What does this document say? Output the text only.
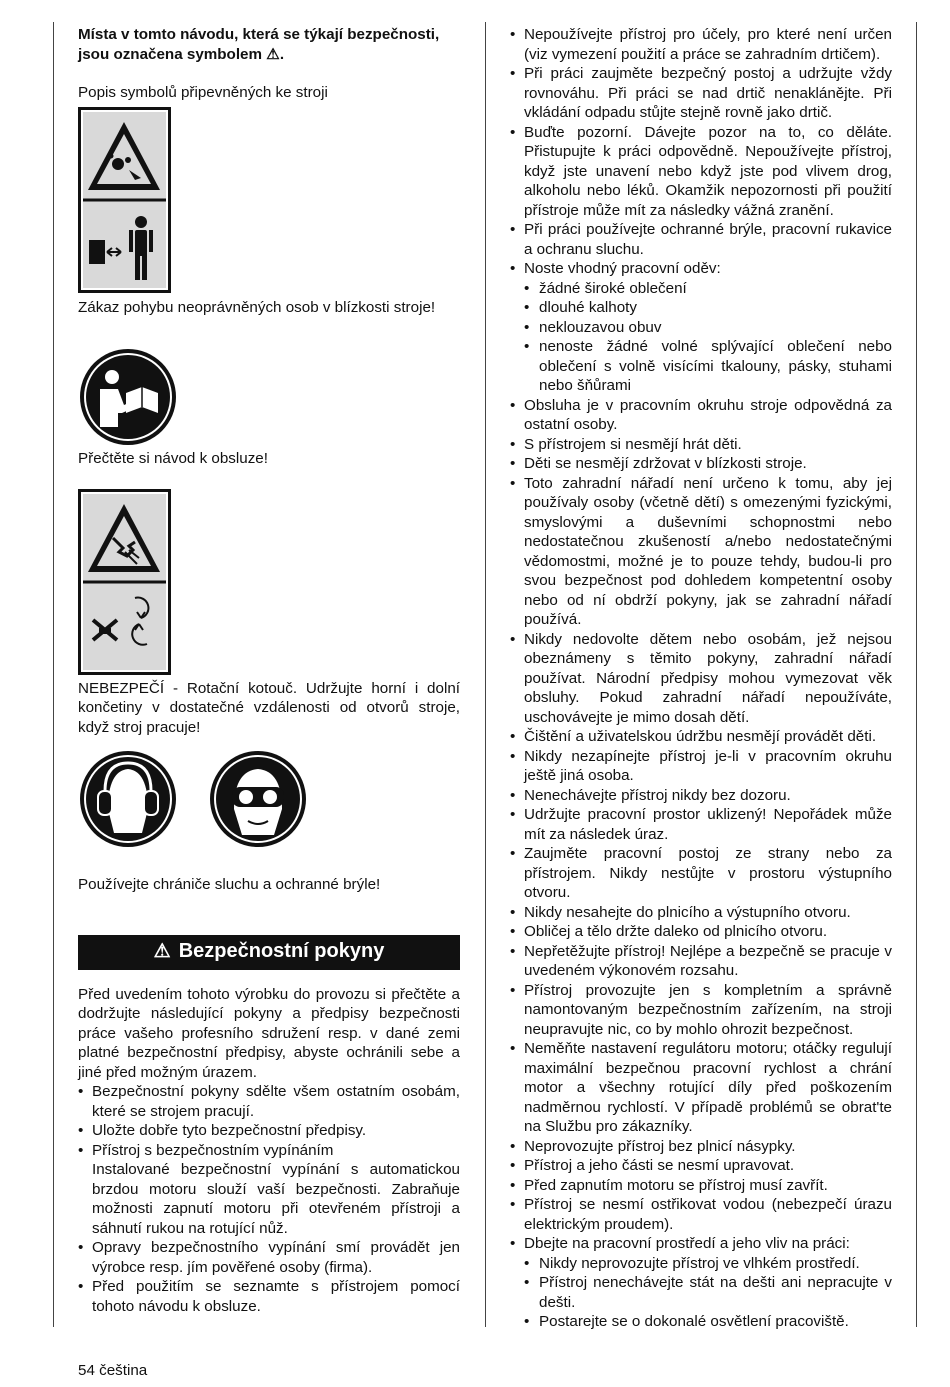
Místa v tomto návodu, která se týkají bezpečnosti, jsou označena symbolem ⚠.

Popis symbolů připevněných ke stroji

Zákaz pohybu neoprávněných osob v blízkosti stroje!

Přečtěte si návod k obsluze!

NEBEZPEČÍ - Rotační kotouč. Udržujte horní i dolní končetiny v dostatečné vzdálenosti od otvorů stroje, když stroj pracuje!

Používejte chrániče sluchu a ochranné brýle!

⚠ Bezpečnostní pokyny

Před uvedením tohoto výrobku do provozu si přečtěte a dodržujte následující pokyny a předpisy bezpečnosti práce vašeho profesního sdružení resp. v dané zemi platné bezpečnostní předpisy, abyste ochránili sebe a jiné před možným úrazem.

• Bezpečnostní pokyny sdělte všem ostatním osobám, které se strojem pracují.
• Uložte dobře tyto bezpečnostní předpisy.
• Přístroj s bezpečnostním vypínáním
Instalované bezpečnostní vypínání s automatickou brzdou motoru slouží vaší bezpečnosti. Zabraňuje možnosti zapnutí motoru při otevřeném přístroji a sáhnutí rukou na rotující nůž.
• Opravy bezpečnostního vypínání smí provádět jen výrobce resp. jím pověřené osoby (firma).
• Před použitím se seznamte s přístrojem pomocí tohoto návodu k obsluze.
• Nepoužívejte přístroj pro účely, pro které není určen (viz vymezení použití a práce se zahradním drtičem).
• Při práci zaujměte bezpečný postoj a udržujte vždy rovnováhu. Při práci se nad drtič nenaklánějte. Při vkládání odpadu stůjte stejně rovně jako drtič.
• Buďte pozorní. Dávejte pozor na to, co děláte. Přistupujte k práci odpovědně. Nepoužívejte přístroj, když jste unavení nebo když jste pod vlivem drog, alkoholu nebo léků. Okamžik nepozornosti při použití přístroje může mít za následky vážná zranění.
• Při práci používejte ochranné brýle, pracovní rukavice a ochranu sluchu.
• Noste vhodný pracovní oděv:
• žádné široké oblečení
• dlouhé kalhoty
• neklouzavou obuv
• nenoste žádné volné splývající oblečení nebo oblečení s volně visícími tkalouny, pásky, stuhami nebo šňůrami
• Obsluha je v pracovním okruhu stroje odpovědná za ostatní osoby.
• S přístrojem si nesmějí hrát děti.
• Děti se nesmějí zdržovat v blízkosti stroje.
• Toto zahradní nářadí není určeno k tomu, aby jej používaly osoby (včetně dětí) s omezenými fyzickými, smyslovými a duševními schopnostmi nebo nedostatečnou zkušeností a/nebo nedostatečnými vědomostmi, možné je to pouze tehdy, budou-li pro svou bezpečnost pod dohledem kompetentní osoby nebo od ní obdrží pokyny, jak se zahradní nářadí používá.
• Nikdy nedovolte dětem nebo osobám, jež nejsou obeznámeny s těmito pokyny, zahradní nářadí používat. Národní předpisy mohou vymezovat věk obsluhy. Pokud zahradní nářadí nepoužíváte, uschovávejte je mimo dosah dětí.
• Čištění a uživatelskou údržbu nesmějí provádět děti.
• Nikdy nezapínejte přístroj je-li v pracovním okruhu ještě jiná osoba.
• Nenechávejte přístroj nikdy bez dozoru.
• Udržujte pracovní prostor uklizený! Nepořádek může mít za následek úraz.
• Zaujměte pracovní postoj ze strany nebo za přístrojem. Nikdy nestůjte v prostoru výstupního otvoru.
• Nikdy nesahejte do plnicího a výstupního otvoru.
• Obličej a tělo držte daleko od plnicího otvoru.
• Nepřetěžujte přístroj! Nejlépe a bezpečně se pracuje v uvedeném výkonovém rozsahu.
• Přístroj provozujte jen s kompletním a správně namontovaným bezpečnostním zařízením, na stroji neupravujte nic, co by mohlo ohrozit bezpečnost.
• Neměňte nastavení regulátoru motoru; otáčky regulují maximální bezpečnou pracovní rychlost a chrání motor a všechny rotující díly před poškozením nadměrnou rychlostí. V případě problémů se obrat'te na Službu pro zákazníky.
• Neprovozujte přístroj bez plnicí násypky.
• Přístroj a jeho části se nesmí upravovat.
• Před zapnutím motoru se přístroj musí zavřít.
• Přístroj se nesmí ostřikovat vodou (nebezpečí úrazu elektrickým proudem).
• Dbejte na pracovní prostředí a jeho vliv na práci:
• Nikdy neprovozujte přístroj ve vlhkém prostředí.
• Přístroj nenechávejte stát na dešti ani nepracujte v dešti.
• Postarejte se o dokonalé osvětlení pracoviště.
54 čeština
